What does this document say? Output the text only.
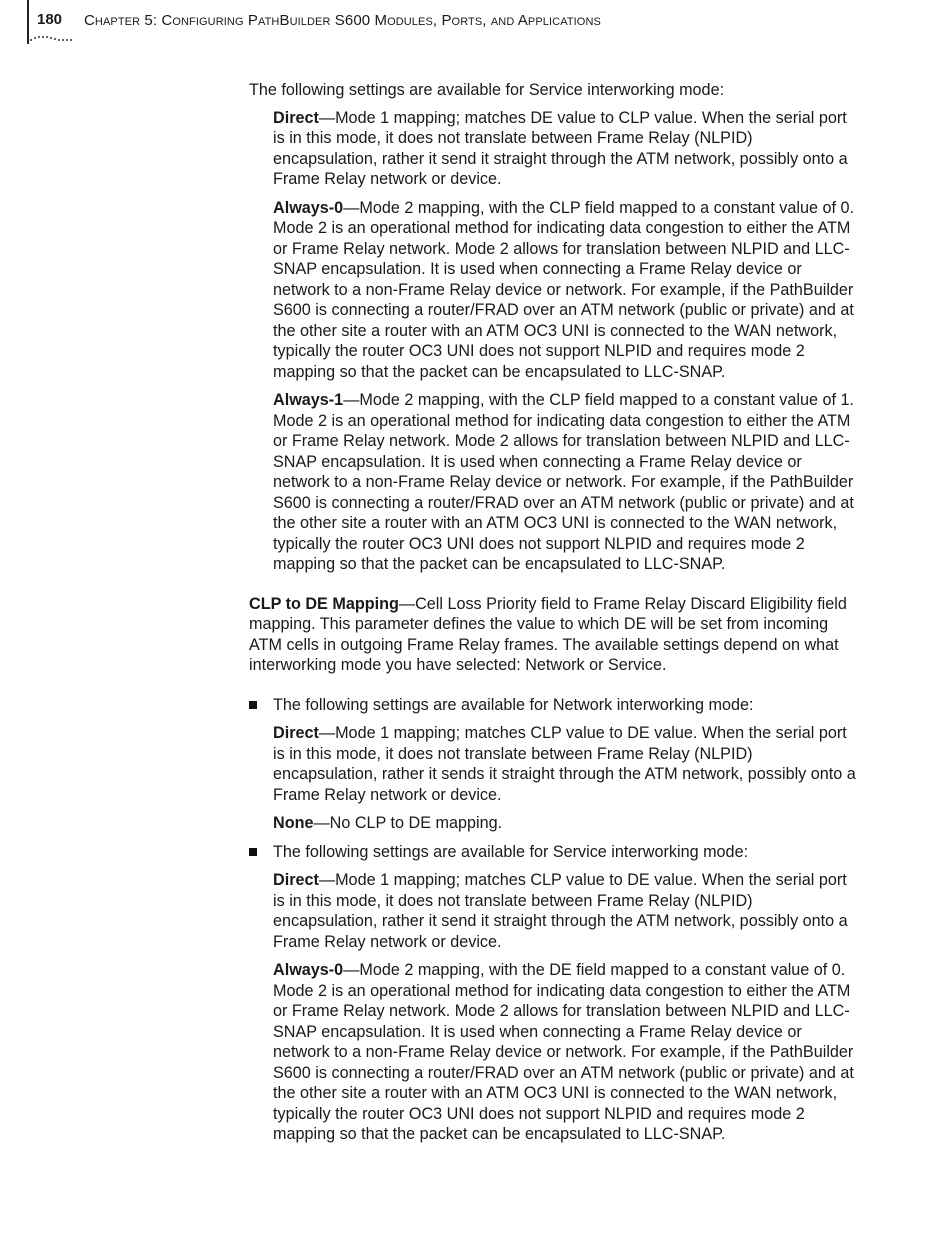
180 Chapter 5: Configuring PathBuilder S600 Modules, Ports, and Applications

The following settings are available for Service interworking mode:

Direct—Mode 1 mapping; matches DE value to CLP value. When the serial port is in this mode, it does not translate between Frame Relay (NLPID) encapsulation, rather it send it straight through the ATM network, possibly onto a Frame Relay network or device.

Always-0—Mode 2 mapping, with the CLP field mapped to a constant value of 0. Mode 2 is an operational method for indicating data congestion to either the ATM or Frame Relay network. Mode 2 allows for translation between NLPID and LLC-SNAP encapsulation. It is used when connecting a Frame Relay device or network to a non-Frame Relay device or network. For example, if the PathBuilder S600 is connecting a router/FRAD over an ATM network (public or private) and at the other site a router with an ATM OC3 UNI is connected to the WAN network, typically the router OC3 UNI does not support NLPID and requires mode 2 mapping so that the packet can be encapsulated to LLC-SNAP.

Always-1—Mode 2 mapping, with the CLP field mapped to a constant value of 1. Mode 2 is an operational method for indicating data congestion to either the ATM or Frame Relay network. Mode 2 allows for translation between NLPID and LLC-SNAP encapsulation. It is used when connecting a Frame Relay device or network to a non-Frame Relay device or network. For example, if the PathBuilder S600 is connecting a router/FRAD over an ATM network (public or private) and at the other site a router with an ATM OC3 UNI is connected to the WAN network, typically the router OC3 UNI does not support NLPID and requires mode 2 mapping so that the packet can be encapsulated to LLC-SNAP.

CLP to DE Mapping—Cell Loss Priority field to Frame Relay Discard Eligibility field mapping. This parameter defines the value to which DE will be set from incoming ATM cells in outgoing Frame Relay frames. The available settings depend on what interworking mode you have selected: Network or Service.

The following settings are available for Network interworking mode:

Direct—Mode 1 mapping; matches CLP value to DE value. When the serial port is in this mode, it does not translate between Frame Relay (NLPID) encapsulation, rather it sends it straight through the ATM network, possibly onto a Frame Relay network or device.

None—No CLP to DE mapping.

The following settings are available for Service interworking mode:

Direct—Mode 1 mapping; matches CLP value to DE value. When the serial port is in this mode, it does not translate between Frame Relay (NLPID) encapsulation, rather it send it straight through the ATM network, possibly onto a Frame Relay network or device.

Always-0—Mode 2 mapping, with the DE field mapped to a constant value of 0. Mode 2 is an operational method for indicating data congestion to either the ATM or Frame Relay network. Mode 2 allows for translation between NLPID and LLC-SNAP encapsulation. It is used when connecting a Frame Relay device or network to a non-Frame Relay device or network. For example, if the PathBuilder S600 is connecting a router/FRAD over an ATM network (public or private) and at the other site a router with an ATM OC3 UNI is connected to the WAN network, typically the router OC3 UNI does not support NLPID and requires mode 2 mapping so that the packet can be encapsulated to LLC-SNAP.
